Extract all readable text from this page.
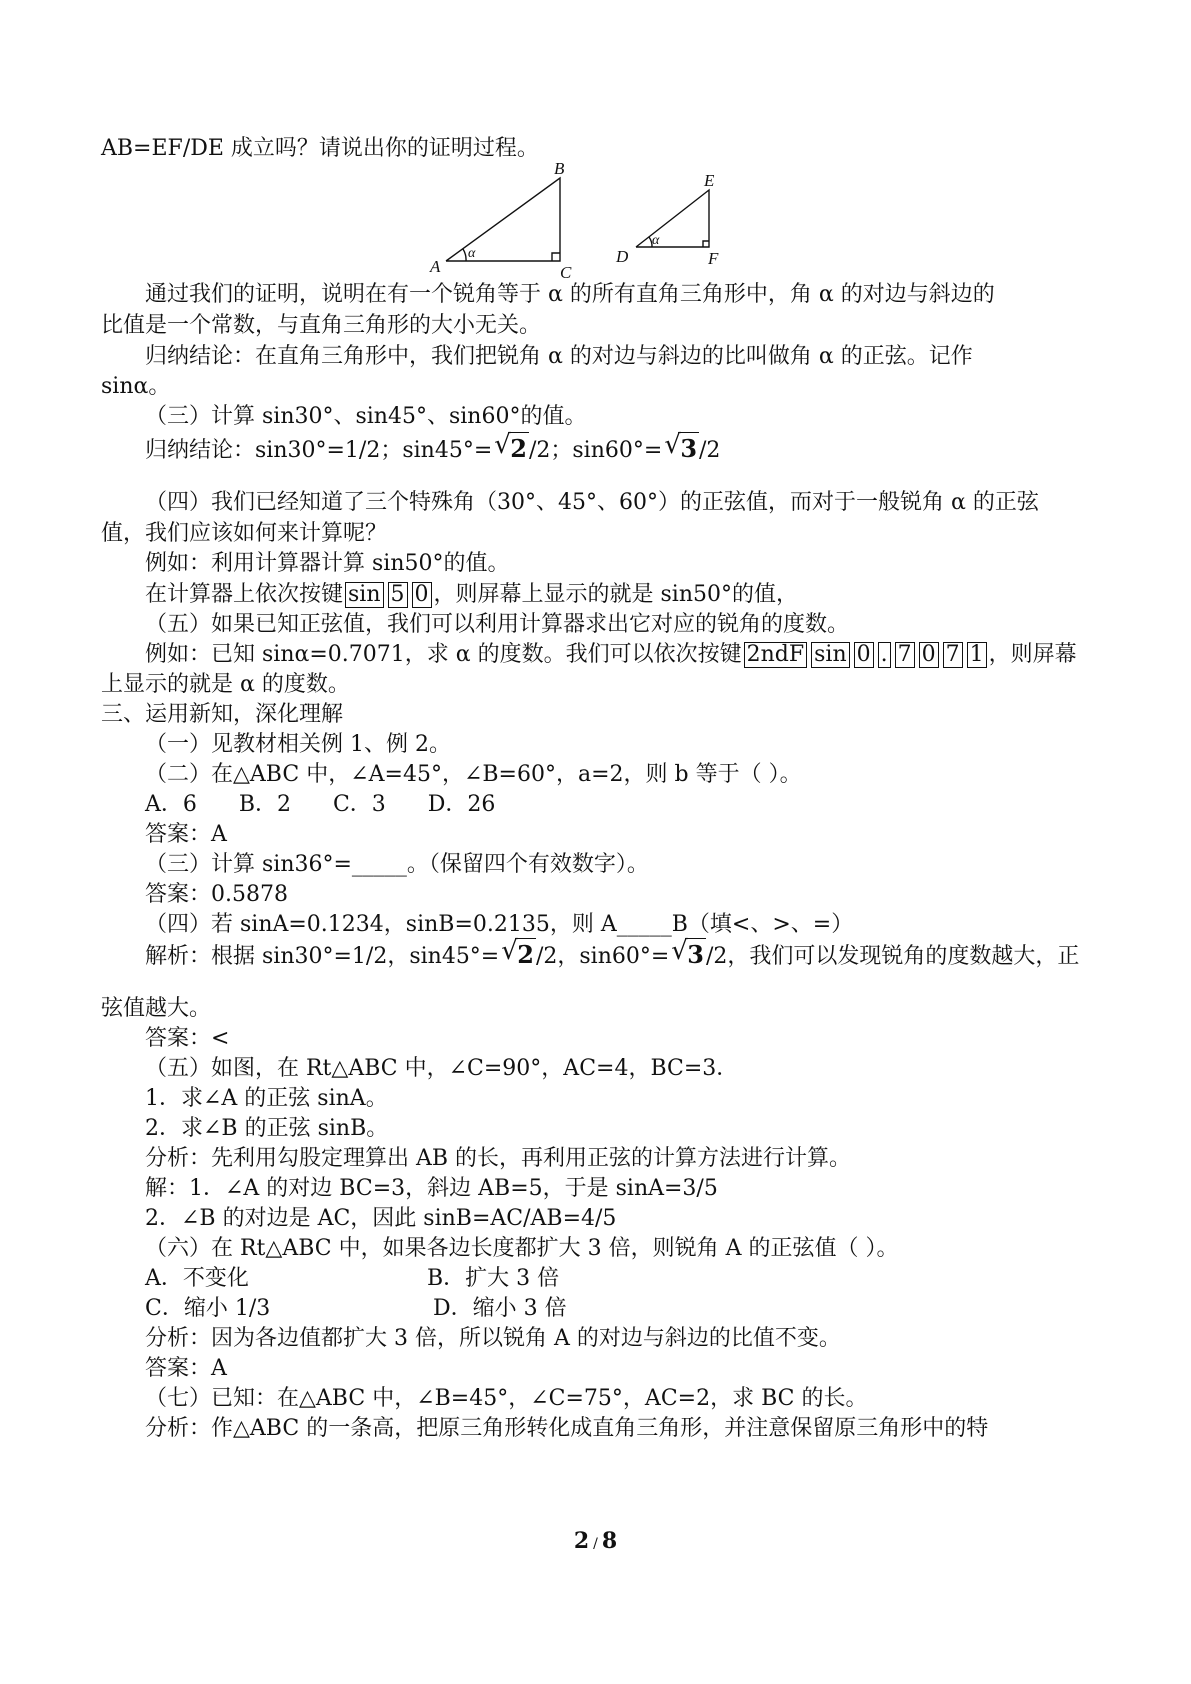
AB=EF/DE 成立吗？请说出你的证明过程。
A
B
C
α	D
E
F
α
通过我们的证明，说明在有一个锐角等于 α 的所有直角三角形中，角 α 的对边与斜边的
比值是一个常数，与直角三角形的大小无关。
归纳结论：在直角三角形中，我们把锐角 α 的对边与斜边的比叫做角 α 的正弦。记作
sinα。
（三）计算 sin30°、sin45°、sin60°的值。
归纳结论：sin30°=1/2；sin45°= √ 2/2；sin60°= √ 3/2
（四）我们已经知道了三个特殊角（30°、45°、60°）的正弦值，而对于一般锐角 α 的正弦
值，我们应该如何来计算呢？
例如：利用计算器计算 sin50°的值。
在计算器上依次按键 sin 5 0 ，则屏幕上显示的就是 sin50°的值，
（五）如果已知正弦值，我们可以利用计算器求出它对应的锐角的度数。
例如：已知 sinα=0.7071，求 α 的度数。我们可以依次按键 2ndF sin 0 . 7 0 7 1 ，则屏幕
上显示的就是 α 的度数。
三、运用新知，深化理解
（一）见教材相关例 1、例 2。
（二）在△ABC 中，∠A=45°，∠B=60°，a=2，则 b 等于（ ）。
A．6      B．2      C．3      D．26
答案：A
（三）计算 sin36°=_____。（保留四个有效数字）。
答案：0.5878
（四）若 sinA=0.1234，sinB=0.2135，则 A_____B（填<、>、=）
解析：根据 sin30°=1/2，sin45°= √ 2/2，sin60°= √ 3/2，我们可以发现锐角的度数越大，正
弦值越大。
答案：<
（五）如图，在 Rt△ABC 中，∠C=90°，AC=4，BC=3．
1．求∠A 的正弦 sinA。
2．求∠B 的正弦 sinB。
分析：先利用勾股定理算出 AB 的长，再利用正弦的计算方法进行计算。
解：1．∠A 的对边 BC=3，斜边 AB=5，于是 sinA=3/5
2．∠B 的对边是 AC，因此 sinB=AC/AB=4/5
（六）在 Rt△ABC 中，如果各边长度都扩大 3 倍，则锐角 A 的正弦值（ ）。
A．不变化	B．扩大 3 倍
C．缩小 1/3	D．缩小 3 倍
分析：因为各边值都扩大 3 倍，所以锐角 A 的对边与斜边的比值不变。
答案：A
（七）已知：在△ABC 中，∠B=45°，∠C=75°，AC=2，求 BC 的长。
分析：作△ABC 的一条高，把原三角形转化成直角三角形，并注意保留原三角形中的特
2 / 8
